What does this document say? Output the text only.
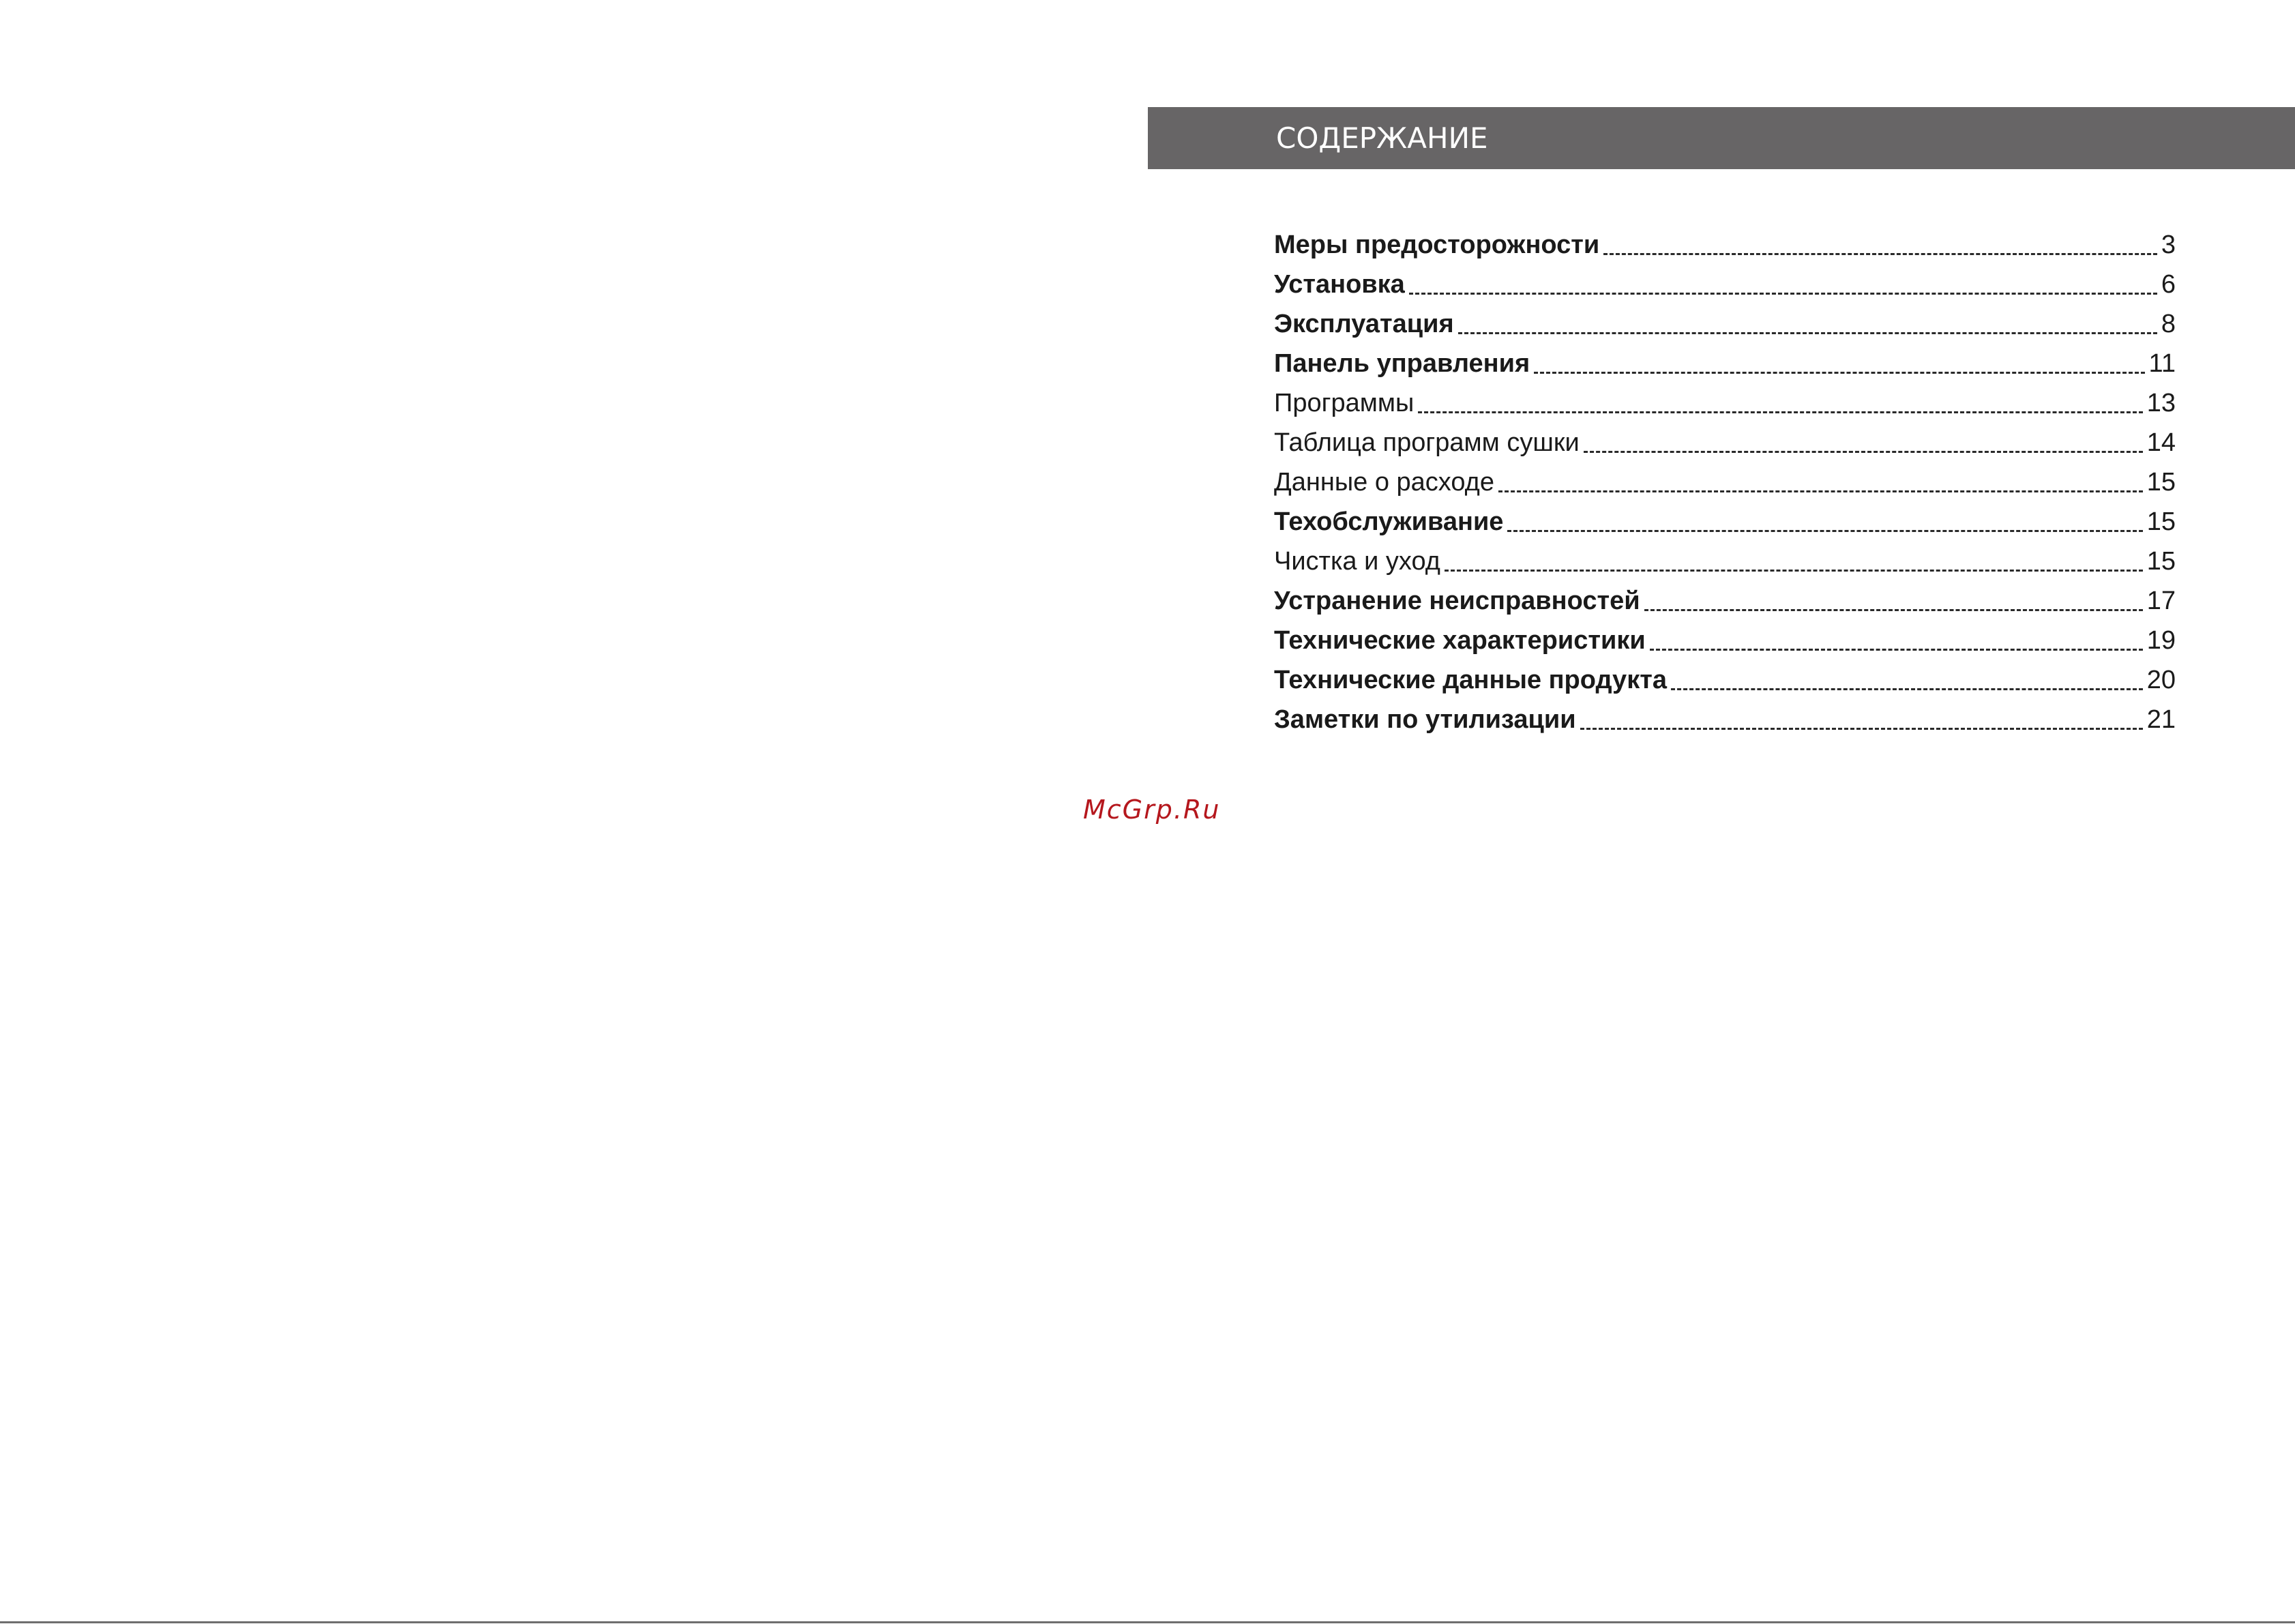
СОДЕРЖАНИЕ
Меры предосторожности	3
Установка	6
Эксплуатация	8
Панель управления	11
Программы	13
Таблица программ сушки	14
Данные о расходе	15
Техобслуживание	15
Чистка и уход	15
Устранение неисправностей	17
Технические характеристики	19
Технические данные продукта	20
Заметки по утилизации	21
McGrp.Ru
